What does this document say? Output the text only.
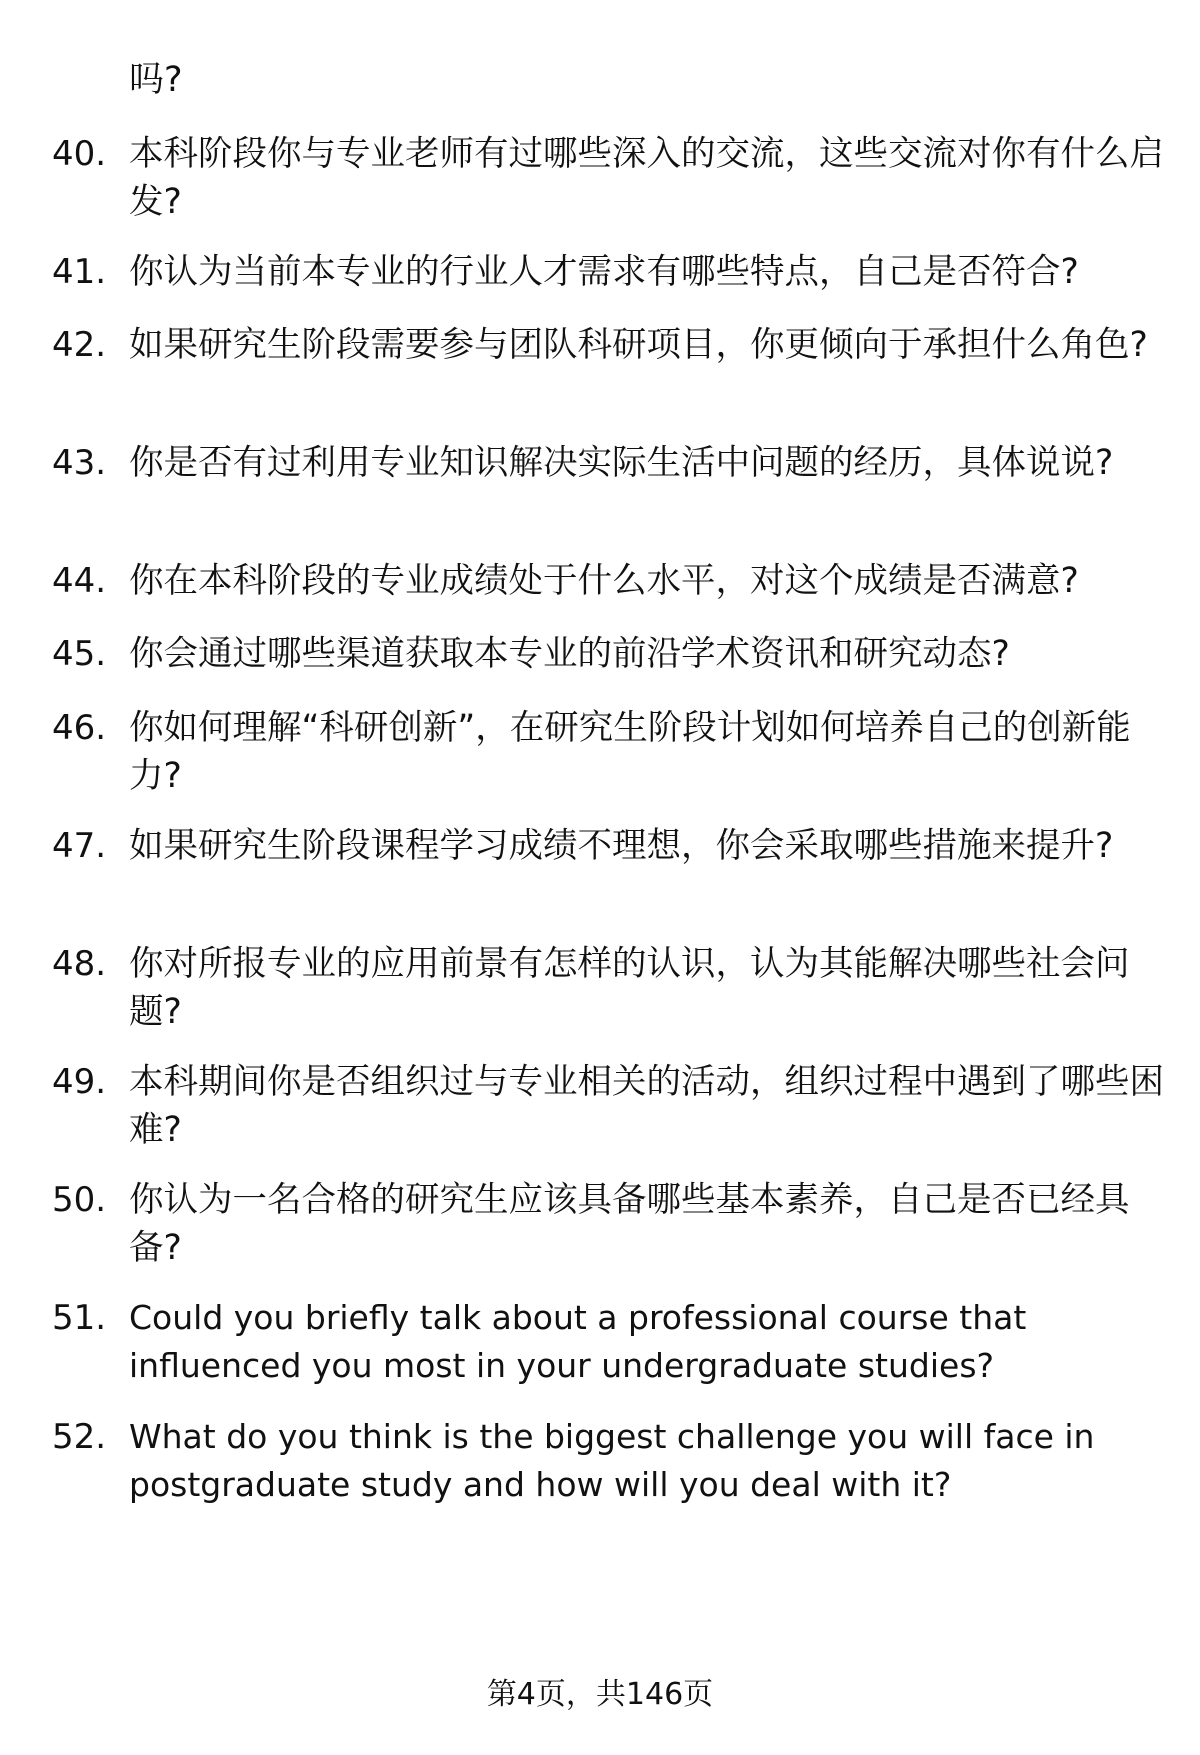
吗?
40. 本科阶段你与专业老师有过哪些深入的交流，这些交流对你有什么启发?
41. 你认为当前本专业的行业人才需求有哪些特点，自己是否符合?
42. 如果研究生阶段需要参与团队科研项目，你更倾向于承担什么角色?
43. 你是否有过利用专业知识解决实际生活中问题的经历，具体说说?
44. 你在本科阶段的专业成绩处于什么水平，对这个成绩是否满意?
45. 你会通过哪些渠道获取本专业的前沿学术资讯和研究动态?
46. 你如何理解“科研创新”，在研究生阶段计划如何培养自己的创新能力?
47. 如果研究生阶段课程学习成绩不理想，你会采取哪些措施来提升?
48. 你对所报专业的应用前景有怎样的认识，认为其能解决哪些社会问题?
49. 本科期间你是否组织过与专业相关的活动，组织过程中遇到了哪些困难?
50. 你认为一名合格的研究生应该具备哪些基本素养，自己是否已经具备?
51. Could you briefly talk about a professional course that influenced you most in your undergraduate studies?
52. What do you think is the biggest challenge you will face in postgraduate study and how will you deal with it?
第4页，共146页
